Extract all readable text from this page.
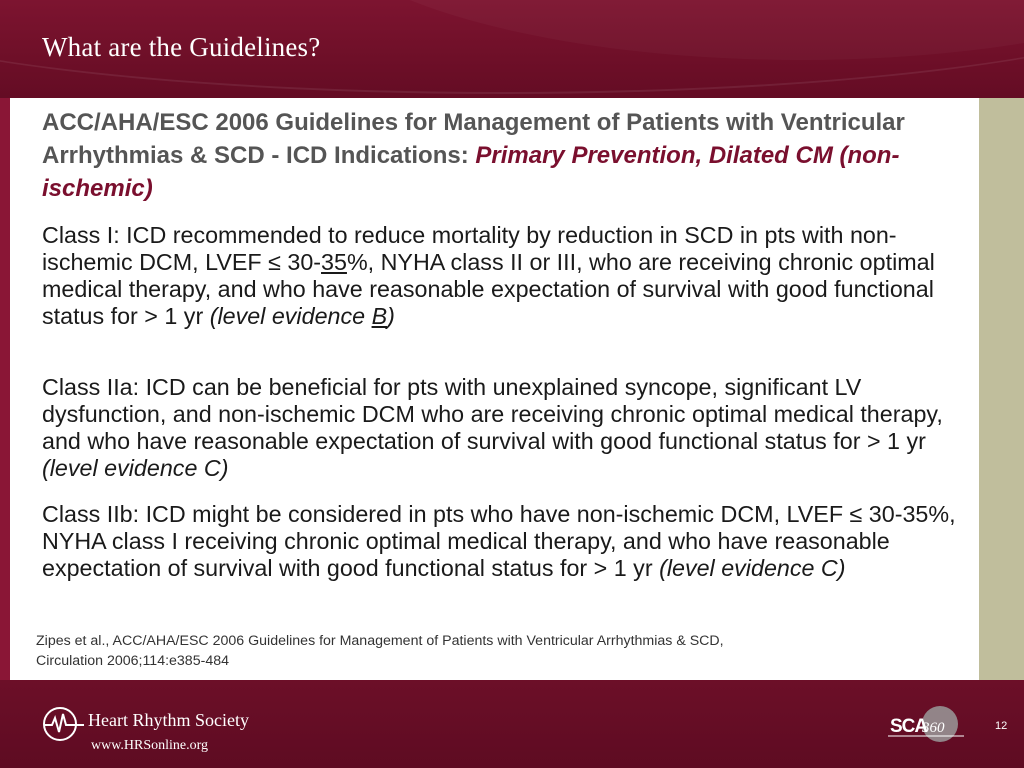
What are the Guidelines?
ACC/AHA/ESC 2006 Guidelines for Management of Patients with Ventricular Arrhythmias & SCD - ICD Indications: Primary Prevention, Dilated CM (non-ischemic)

Class I: ICD recommended to reduce mortality by reduction in SCD in pts with non-ischemic DCM, LVEF ≤ 30-35%, NYHA class II or III, who are receiving chronic optimal medical therapy, and who have reasonable expectation of survival with good functional status for > 1 yr (level evidence B)

Class IIa: ICD can be beneficial for pts with unexplained syncope, significant LV dysfunction, and non-ischemic DCM who are receiving chronic optimal medical therapy, and who have reasonable expectation of survival with good functional status for > 1 yr (level evidence C)

Class IIb: ICD might be considered in pts who have non-ischemic DCM, LVEF ≤ 30-35%, NYHA class I receiving chronic optimal medical therapy, and who have reasonable expectation of survival with good functional status for > 1 yr (level evidence C)

Zipes et al., ACC/AHA/ESC 2006 Guidelines for Management of Patients with Ventricular Arrhythmias & SCD,
Circulation 2006;114:e385-484

Heart Rhythm Society

www.HRSonline.org

SCA

360	12
